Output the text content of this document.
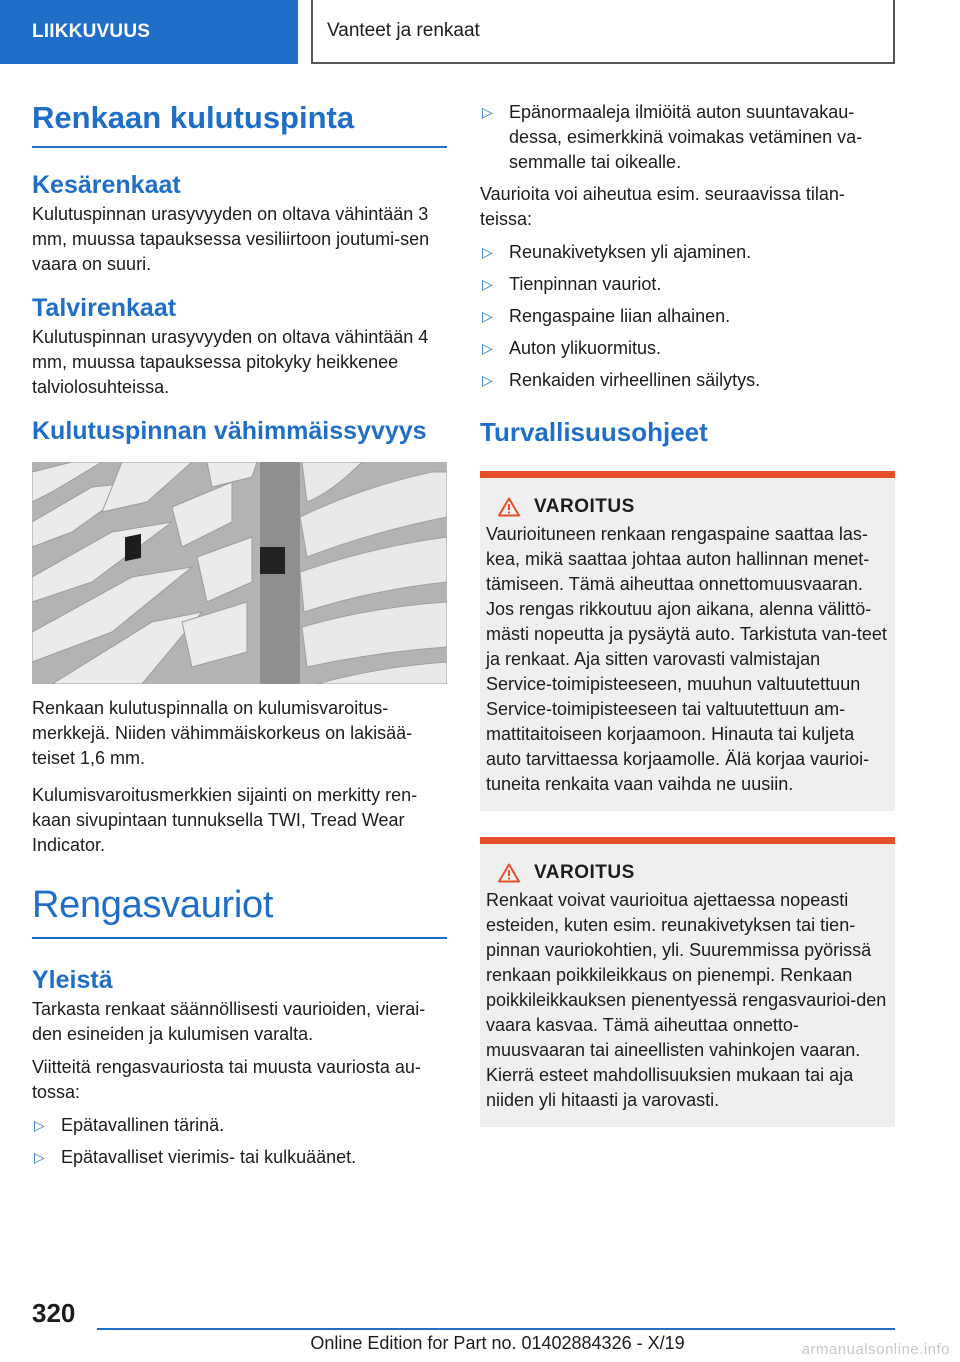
LIIKKUVUUS	Vanteet ja renkaat
Renkaan kulutuspinta
Kesärenkaat

Kulutuspinnan urasyvyyden on oltava vähintään 3 mm, muussa tapauksessa vesiliirtoon joutumi-sen vaara on suuri.

Talvirenkaat

Kulutuspinnan urasyvyyden on oltava vähintään 4 mm, muussa tapauksessa pitokyky heikkenee talviolosuhteissa.

Kulutuspinnan vähimmäissyvyys

Renkaan kulutuspinnalla on kulumisvaroitus-merkkejä. Niiden vähimmäiskorkeus on lakisää-teiset 1,6 mm.

Kulumisvaroitusmerkkien sijainti on merkitty ren-kaan sivupintaan tunnuksella TWI, Tread Wear Indicator.

Rengasvauriot
Yleistä

Tarkasta renkaat säännöllisesti vaurioiden, vierai-den esineiden ja kulumisen varalta.

Viitteitä rengasvauriosta tai muusta vauriosta au-tossa:

▷ Epätavallinen tärinä.
▷ Epätavalliset vierimis- tai kulkuäänet.
▷ Epänormaaleja ilmiöitä auton suuntavakau-dessa, esimerkkinä voimakas vetäminen va-semmalle tai oikealle.

Vaurioita voi aiheutua esim. seuraavissa tilan-teissa:

▷ Reunakivetyksen yli ajaminen.
▷ Tienpinnan vauriot.
▷ Rengaspaine liian alhainen.
▷ Auton ylikuormitus.
▷ Renkaiden virheellinen säilytys.
Turvallisuusohjeet
VAROITUS
Vaurioituneen renkaan rengaspaine saattaa las-kea, mikä saattaa johtaa auton hallinnan menet-tämiseen. Tämä aiheuttaa onnettomuusvaaran. Jos rengas rikkoutuu ajon aikana, alenna välittö-mästi nopeutta ja pysäytä auto. Tarkistuta van-teet ja renkaat. Aja sitten varovasti valmistajan Service-toimipisteeseen, muuhun valtuutettuun Service-toimipisteeseen tai valtuutettuun am-mattitaitoiseen korjaamoon. Hinauta tai kuljeta auto tarvittaessa korjaamolle. Älä korjaa vaurioi-tuneita renkaita vaan vaihda ne uusiin.
VAROITUS
Renkaat voivat vaurioitua ajettaessa nopeasti esteiden, kuten esim. reunakivetyksen tai tien-pinnan vauriokohtien, yli. Suuremmissa pyörissä renkaan poikkileikkaus on pienempi. Renkaan poikkileikkauksen pienentyessä rengasvaurioi-den vaara kasvaa. Tämä aiheuttaa onnetto-muusvaaran tai aineellisten vahinkojen vaaran. Kierrä esteet mahdollisuuksien mukaan tai aja niiden yli hitaasti ja varovasti.
320
Online Edition for Part no. 01402884326 - X/19	armanualsonline.info
